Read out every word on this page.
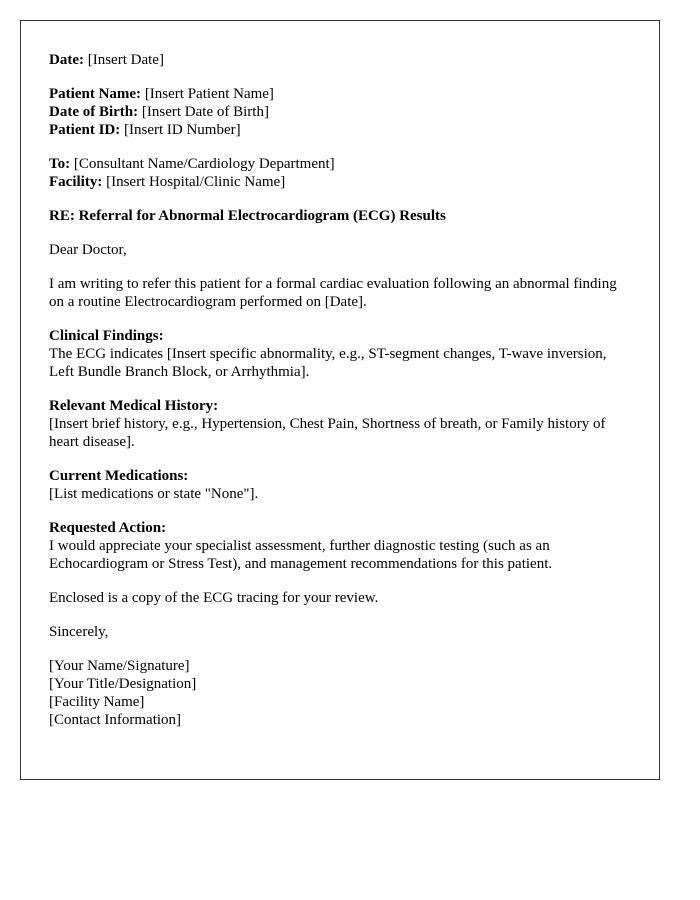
Date: [Insert Date]
Patient Name: [Insert Patient Name]
Date of Birth: [Insert Date of Birth]
Patient ID: [Insert ID Number]
To: [Consultant Name/Cardiology Department]
Facility: [Insert Hospital/Clinic Name]
RE: Referral for Abnormal Electrocardiogram (ECG) Results
Dear Doctor,
I am writing to refer this patient for a formal cardiac evaluation following an abnormal finding on a routine Electrocardiogram performed on [Date].
Clinical Findings:
The ECG indicates [Insert specific abnormality, e.g., ST-segment changes, T-wave inversion, Left Bundle Branch Block, or Arrhythmia].
Relevant Medical History:
[Insert brief history, e.g., Hypertension, Chest Pain, Shortness of breath, or Family history of heart disease].
Current Medications:
[List medications or state "None"].
Requested Action:
I would appreciate your specialist assessment, further diagnostic testing (such as an Echocardiogram or Stress Test), and management recommendations for this patient.
Enclosed is a copy of the ECG tracing for your review.
Sincerely,
[Your Name/Signature]
[Your Title/Designation]
[Facility Name]
[Contact Information]
